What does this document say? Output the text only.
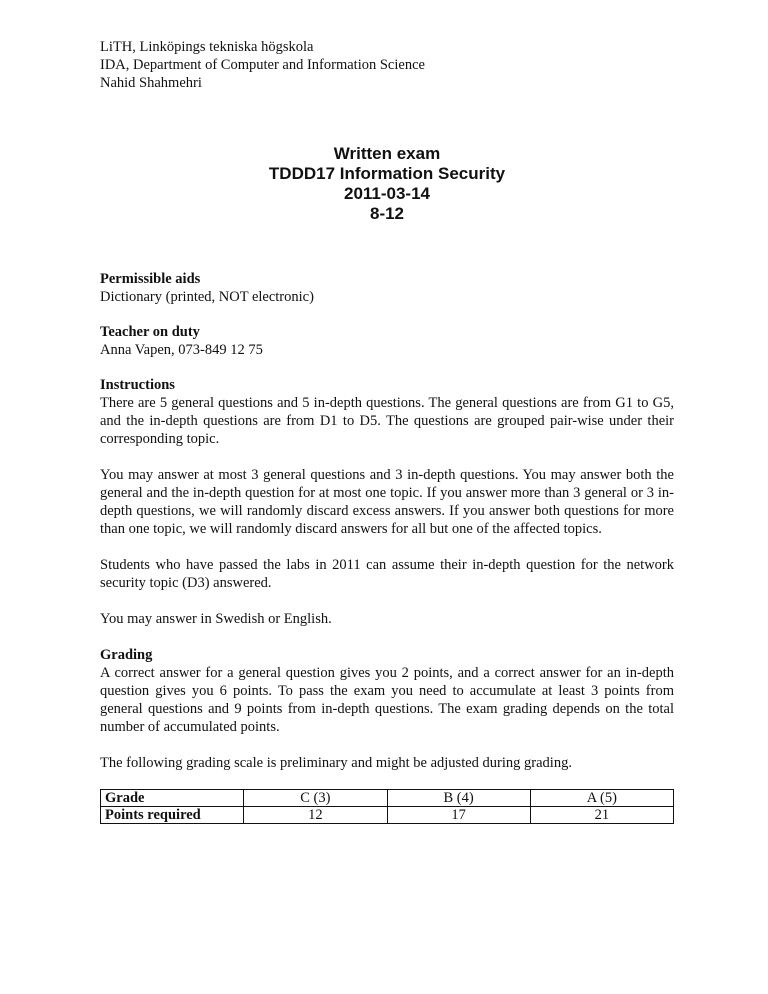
LiTH, Linköpings tekniska högskola
IDA, Department of Computer and Information Science
Nahid Shahmehri
Written exam
TDDD17 Information Security
2011-03-14
8-12
Permissible aids
Dictionary (printed, NOT electronic)
Teacher on duty
Anna Vapen, 073-849 12 75
Instructions

There are 5 general questions and 5 in-depth questions. The general questions are from G1 to G5, and the in-depth questions are from D1 to D5. The questions are grouped pair-wise under their corresponding topic.

You may answer at most 3 general questions and 3 in-depth questions. You may answer both the general and the in-depth question for at most one topic. If you answer more than 3 general or 3 in-depth questions, we will randomly discard excess answers. If you answer both questions for more than one topic, we will randomly discard answers for all but one of the affected topics.

Students who have passed the labs in 2011 can assume their in-depth question for the network security topic (D3) answered.

You may answer in Swedish or English.

Grading

A correct answer for a general question gives you 2 points, and a correct answer for an in-depth question gives you 6 points. To pass the exam you need to accumulate at least 3 points from general questions and 9 points from in-depth questions. The exam grading depends on the total number of accumulated points.

The following grading scale is preliminary and might be adjusted during grading.

Grade	C (3)	B (4)	A (5)
Points required	12	17	21
